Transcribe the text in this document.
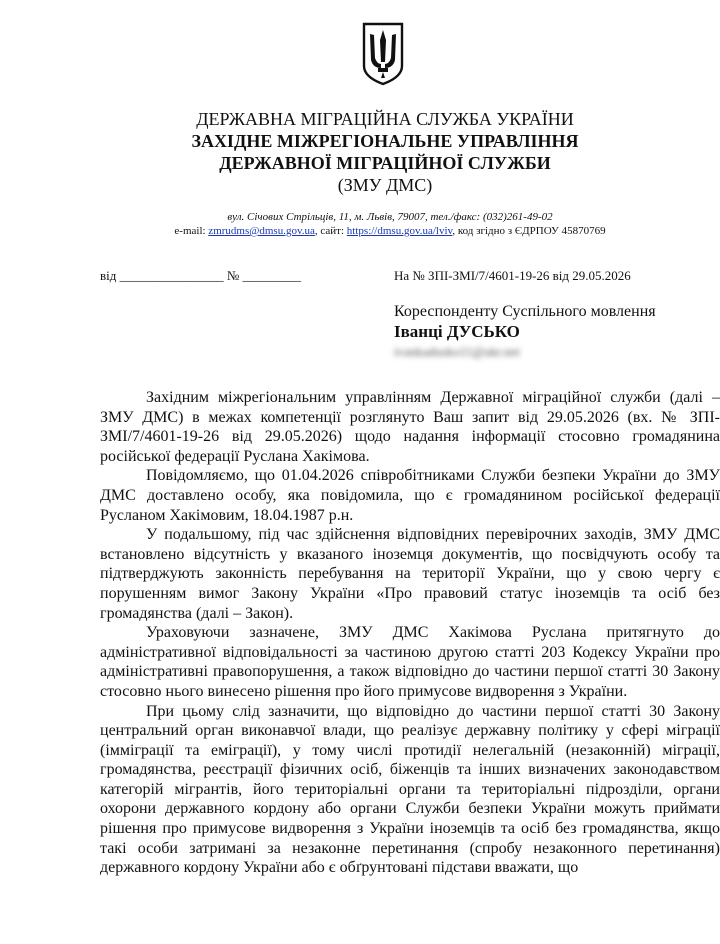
ДЕРЖАВНА МІГРАЦІЙНА СЛУЖБА УКРАЇНИ
ЗАХІДНЕ МІЖРЕГІОНАЛЬНЕ УПРАВЛІННЯ
ДЕРЖАВНОЇ МІГРАЦІЙНОЇ СЛУЖБИ
(ЗМУ ДМС)
вул. Січових Стрільців, 11, м. Львів, 79007, тел./факс: (032)261-49-02
e-mail: zmrudms@dmsu.gov.ua, сайт: https://dmsu.gov.ua/lviv, код згідно з ЄДРПОУ 45870769
від ________________ № _________	На № ЗПІ-ЗМІ/7/4601-19-26 від 29.05.2026
Кореспонденту Суспільного мовлення
Іванці ДУСЬКО
ivankadusko11@ukr.net

Західним міжрегіональним управлінням Державної міграційної служби (далі – ЗМУ ДМС) в межах компетенції розглянуто Ваш запит від 29.05.2026 (вх. № ЗПІ-ЗМІ/7/4601-19-26 від 29.05.2026) щодо надання інформації стосовно громадянина російської федерації Руслана Хакімова.

Повідомляємо, що 01.04.2026 співробітниками Служби безпеки України до ЗМУ ДМС доставлено особу, яка повідомила, що є громадянином російської федерації Русланом Хакімовим, 18.04.1987 р.н.

У подальшому, під час здійснення відповідних перевірочних заходів, ЗМУ ДМС встановлено відсутність у вказаного іноземця документів, що посвідчують особу та підтверджують законність перебування на території України, що у свою чергу є порушенням вимог Закону України «Про правовий статус іноземців та осіб без громадянства (далі – Закон).

Ураховуючи зазначене, ЗМУ ДМС Хакімова Руслана притягнуто до адміністративної відповідальності за частиною другою статті 203 Кодексу України про адміністративні правопорушення, а також відповідно до частини першої статті 30 Закону стосовно нього винесено рішення про його примусове видворення з України.

При цьому слід зазначити, що відповідно до частини першої статті 30 Закону центральний орган виконавчої влади, що реалізує державну політику у сфері міграції (імміграції та еміграції), у тому числі протидії нелегальній (незаконній) міграції, громадянства, реєстрації фізичних осіб, біженців та інших визначених законодавством категорій мігрантів, його територіальні органи та територіальні підрозділи, органи охорони державного кордону або органи Служби безпеки України можуть приймати рішення про примусове видворення з України іноземців та осіб без громадянства, якщо такі особи затримані за незаконне перетинання (спробу незаконного перетинання) державного кордону України або є обґрунтовані підстави вважати, що
